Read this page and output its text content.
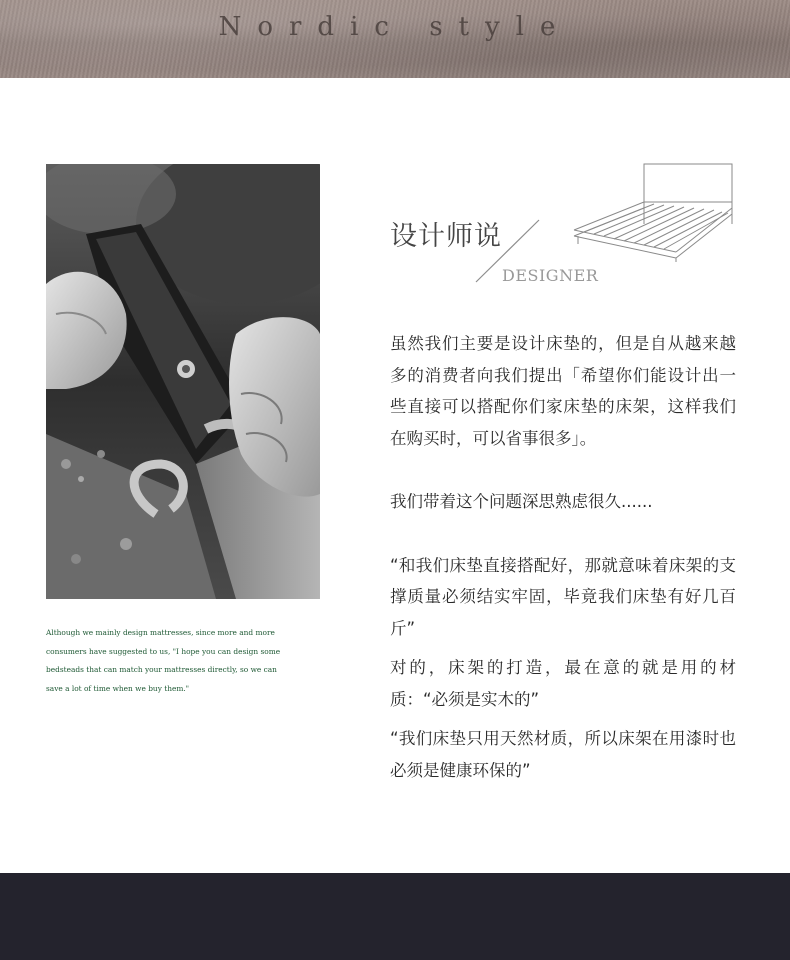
Nordic style
Although we mainly design mattresses, since more and more consumers have suggested to us, "I hope you can design some bedsteads that can match your mattresses directly, so we can save a lot of time when we buy them."
设计师说
DESIGNER

虽然我们主要是设计床垫的，但是自从越来越多的消费者向我们提出「希望你们能设计出一些直接可以搭配你们家床垫的床架，这样我们在购买时，可以省事很多」。

我们带着这个问题深思熟虑很久......

“和我们床垫直接搭配好，那就意味着床架的支撑质量必须结实牢固，毕竟我们床垫有好几百斤”

对的，床架的打造，最在意的就是用的材质：“必须是实木的”

“我们床垫只用天然材质，所以床架在用漆时也必须是健康环保的”
